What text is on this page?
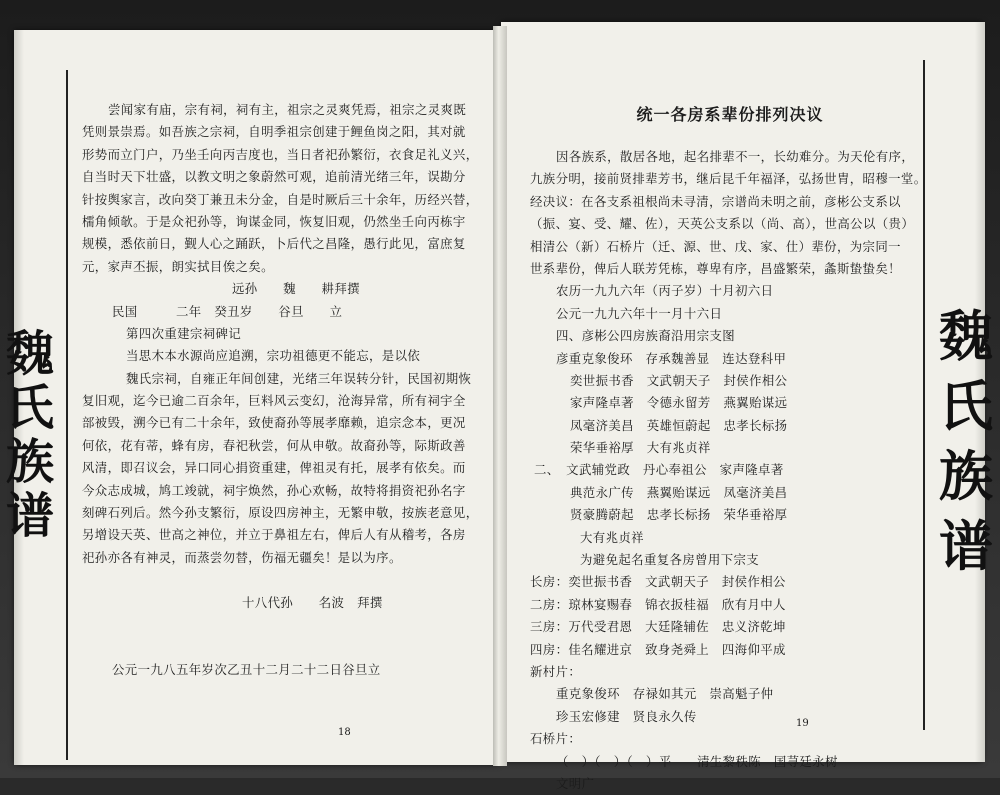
魏
氏
族
谱
尝闻家有庙，宗有祠，祠有主，祖宗之灵爽凭焉，祖宗之灵爽既
凭则景崇焉。如吾族之宗祠，自明季祖宗创建于鲤鱼岗之阳，其对就
形势而立门户，乃坐壬向丙吉度也，当日者祀孙繁衍，衣食足礼义兴，
自当时天下壮盛，以教文明之象蔚然可观，追前清光绪三年，误勘分
针按舆家言，改向癸丁兼丑未分金，自是时厥后三十余年，历经兴替，
檽角倾欹。于是众祀孙等，询谋金同，恢复旧观，仍然坐壬向丙栋宇
规模，悉依前日，觐人心之踊跃，卜后代之昌隆，愚行此见，富庶复
元，家声丕振，朗实拭目俟之矣。
远孙　　魏　　耕拜撰
民国　　　二年　癸丑岁　　谷旦　　立
第四次重建宗祠碑记
当思木本水源尚应追溯，宗功祖德更不能忘，是以依
魏氏宗祠，自雍正年间创建，光绪三年误转分针，民国初期恢
复旧观，迄今已逾二百余年，巨料风云变幻，沧海异常，所有祠宇全
部被毁，溯今已有二十余年，致使裔孙等展孝靡赖，追宗念本，更况
何依，花有蒂，蜂有房，春祀秋尝，何从申敬。故裔孙等，际斯政善
风清，即召议会，异口同心捐资重建，俾祖灵有托，展孝有依矣。而
今众志成城，鸠工竣就，祠宇焕然，孙心欢畅，故特将捐资祀孙名字
刻碑石列后。然今孙支繁衍，原设四房神主，无繁申敬，按族老意见，
另增设天英、世高之神位，并立于鼻祖左右，俾后人有从稽考，各房
祀孙亦各有神灵，而蒸尝勿替，伤福无疆矣！是以为序。
十八代孙　　名波　拜撰
公元一九八五年岁次乙丑十二月二十二日谷旦立
18
魏
氏
族
谱
统一各房系辈份排列决议
因各族系，散居各地，起名排辈不一，长幼难分。为天伦有序，
九族分明，接前贤排辈芳书，继后昆千年福泽，弘扬世胄，昭穆一堂。
经决议：在各支系祖根尚未寻清，宗谱尚未明之前，彦彬公支系以
（振、宴、受、耀、佐），天英公支系以（尚、高），世高公以（贵）
相清公（新）石桥片（迁、源、世、戊、家、仕）辈份，为宗同一
世系辈份，俾后人联芳凭栋，尊卑有序，昌盛繁荣，螽斯蛰蛰矣！
农历一九九六年（丙子岁）十月初六日
公元一九九六年十一月十六日
四、彦彬公四房族裔沿用宗支图
彦重克象俊环　存承魏善显　连达登科甲
奕世振书香　文武朝天子　封侯作相公
家声隆卓著　令德永留芳　燕翼贻谋远
凤毫济美昌　英雄恒蔚起　忠孝长标扬
荣华垂裕厚　大有兆贞祥
二、　文武辅党政　丹心奉祖公　家声隆卓著
典范永广传　燕翼贻谋远　凤毫济美昌
贤豪腾蔚起　忠孝长标扬　荣华垂裕厚
大有兆贞祥
为避免起名重复各房曾用下宗支
长房：奕世振书香　文武朝天子　封侯作相公
二房：琼林宴赐春　锦衣扳桂福　欣有月中人
三房：万代受君恩　大廷隆辅佐　忠义济乾坤
四房：佳名耀进京　致身尧舜上　四海仰平成
新村片：
重克象俊环　存禄如其元　崇高魁子仲
珍玉宏修建　贤良永久传
石桥片：
（　）（　）（　）平　　清生黎秩陈　国荨廷永树
文明广
19
